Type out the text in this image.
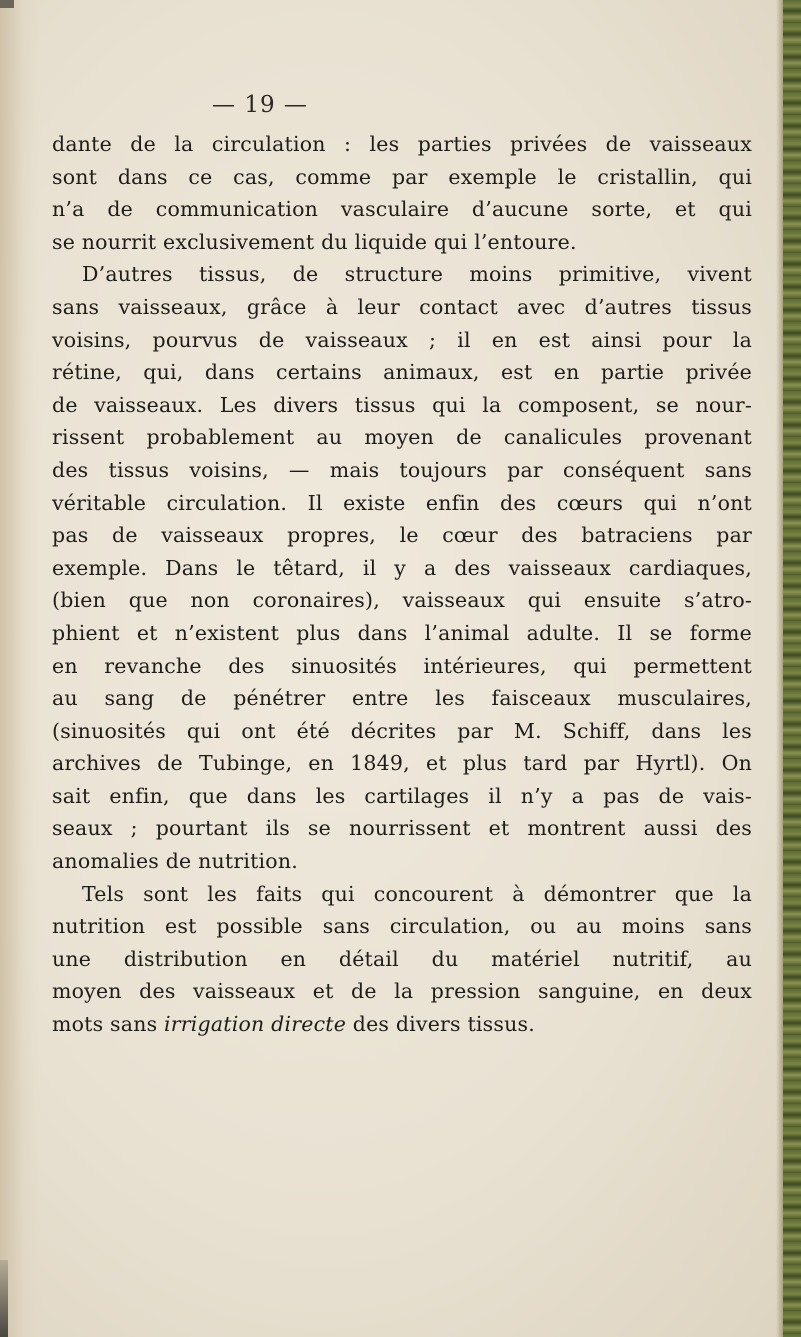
— 19 —
dante de la circulation : les parties privées de vaisseaux
sont dans ce cas, comme par exemple le cristallin, qui
n’a de communication vasculaire d’aucune sorte, et qui
se nourrit exclusivement du liquide qui l’entoure.
D’autres tissus, de structure moins primitive, vivent
sans vaisseaux, grâce à leur contact avec d’autres tissus
voisins, pourvus de vaisseaux ; il en est ainsi pour la
rétine, qui, dans certains animaux, est en partie privée
de vaisseaux. Les divers tissus qui la composent, se nour-
rissent probablement au moyen de canalicules provenant
des tissus voisins, — mais toujours par conséquent sans
véritable circulation. Il existe enfin des cœurs qui n’ont
pas de vaisseaux propres, le cœur des batraciens par
exemple. Dans le têtard, il y a des vaisseaux cardiaques,
(bien que non coronaires), vaisseaux qui ensuite s’atro-
phient et n’existent plus dans l’animal adulte. Il se forme
en revanche des sinuosités intérieures, qui permettent
au sang de pénétrer entre les faisceaux musculaires,
(sinuosités qui ont été décrites par M. Schiff, dans les
archives de Tubinge, en 1849, et plus tard par Hyrtl). On
sait enfin, que dans les cartilages il n’y a pas de vais-
seaux ; pourtant ils se nourrissent et montrent aussi des
anomalies de nutrition.
Tels sont les faits qui concourent à démontrer que la
nutrition est possible sans circulation, ou au moins sans
une distribution en détail du matériel nutritif, au
moyen des vaisseaux et de la pression sanguine, en deux
mots sans irrigation directe des divers tissus.
